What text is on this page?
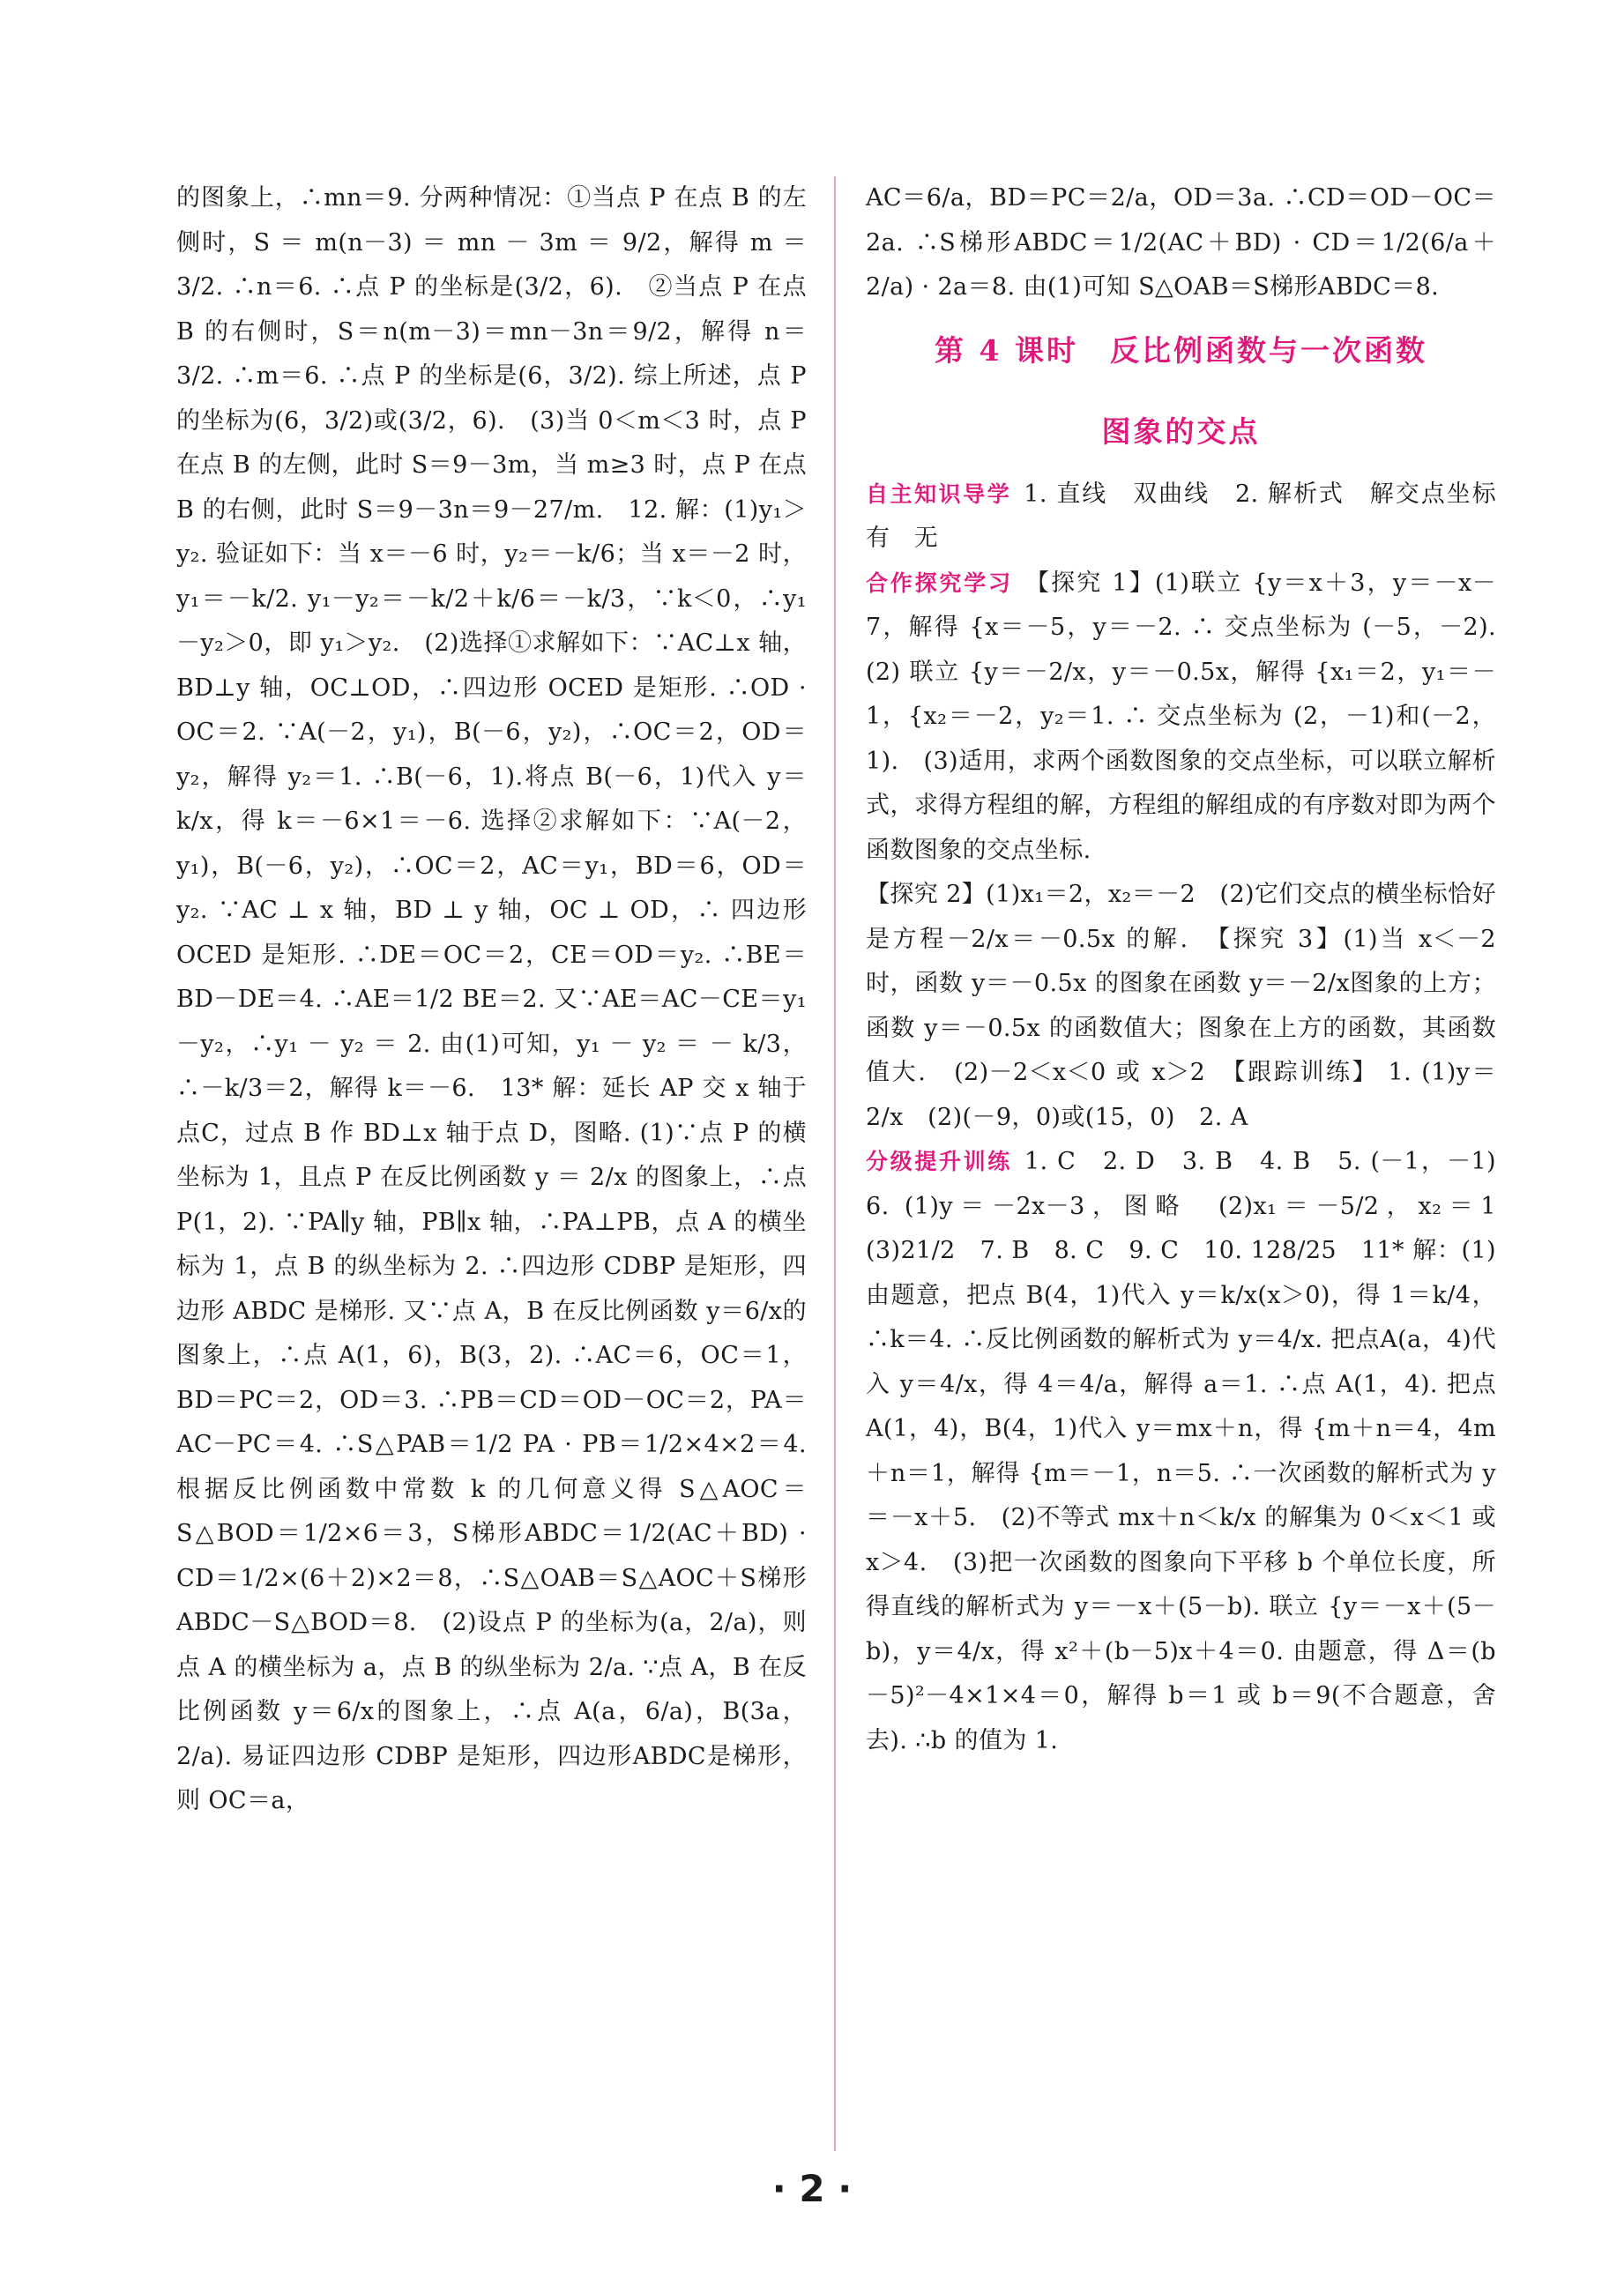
的图象上，∴mn＝9. 分两种情况：①当点 P 在点 B 的左侧时，S ＝ m(n－3) ＝ mn － 3m ＝ 9/2，解得 m ＝ 3/2. ∴n＝6. ∴点 P 的坐标是(3/2，6).　②当点 P 在点 B 的右侧时，S＝n(m－3)＝mn－3n＝9/2，解得 n＝3/2. ∴m＝6. ∴点 P 的坐标是(6，3/2). 综上所述，点 P 的坐标为(6，3/2)或(3/2，6).　(3)当 0＜m＜3 时，点 P 在点 B 的左侧，此时 S＝9－3m，当 m≥3 时，点 P 在点 B 的右侧，此时 S＝9－3n＝9－27/m.　12. 解：(1)y₁＞y₂. 验证如下：当 x＝－6 时，y₂＝－k/6；当 x＝－2 时，y₁＝－k/2. y₁－y₂＝－k/2＋k/6＝－k/3，∵k＜0，∴y₁－y₂＞0，即 y₁＞y₂.　(2)选择①求解如下：∵AC⊥x 轴，BD⊥y 轴，OC⊥OD，∴四边形 OCED 是矩形. ∴OD · OC＝2. ∵A(－2，y₁)，B(－6，y₂)，∴OC＝2，OD＝y₂，解得 y₂＝1. ∴B(－6，1).将点 B(－6，1)代入 y＝k/x，得 k＝－6×1＝－6. 选择②求解如下：∵A(－2，y₁)，B(－6，y₂)，∴OC＝2，AC＝y₁，BD＝6，OD＝y₂. ∵AC ⊥ x 轴，BD ⊥ y 轴，OC ⊥ OD，∴ 四边形 OCED 是矩形. ∴DE＝OC＝2，CE＝OD＝y₂. ∴BE＝BD－DE＝4. ∴AE＝1/2 BE＝2. 又∵AE＝AC－CE＝y₁－y₂，∴y₁ － y₂ ＝ 2. 由(1)可知，y₁ － y₂ ＝ － k/3，∴－k/3＝2，解得 k＝－6.　13* 解：延长 AP 交 x 轴于点C，过点 B 作 BD⊥x 轴于点 D，图略. (1)∵点 P 的横坐标为 1，且点 P 在反比例函数 y ＝ 2/x 的图象上，∴点 P(1，2). ∵PA∥y 轴，PB∥x 轴，∴PA⊥PB，点 A 的横坐标为 1，点 B 的纵坐标为 2. ∴四边形 CDBP 是矩形，四边形 ABDC 是梯形. 又∵点 A，B 在反比例函数 y＝6/x的图象上，∴点 A(1，6)，B(3，2). ∴AC＝6，OC＝1，BD＝PC＝2，OD＝3. ∴PB＝CD＝OD－OC＝2，PA＝AC－PC＝4. ∴S△PAB＝1/2 PA · PB＝1/2×4×2＝4. 根据反比例函数中常数 k 的几何意义得 S△AOC＝S△BOD＝1/2×6＝3，S梯形ABDC＝1/2(AC＋BD) · CD＝1/2×(6＋2)×2＝8，∴S△OAB＝S△AOC＋S梯形ABDC－S△BOD＝8.　(2)设点 P 的坐标为(a，2/a)，则点 A 的横坐标为 a，点 B 的纵坐标为 2/a. ∵点 A，B 在反比例函数 y＝6/x的图象上，∴点 A(a，6/a)，B(3a，2/a). 易证四边形 CDBP 是矩形，四边形ABDC是梯形，则 OC＝a，

AC＝6/a，BD＝PC＝2/a，OD＝3a. ∴CD＝OD－OC＝2a. ∴S梯形ABDC＝1/2(AC＋BD) · CD＝1/2(6/a＋2/a) · 2a＝8. 由(1)可知 S△OAB＝S梯形ABDC＝8.

第 4 课时　反比例函数与一次函数
图象的交点

自主知识导学 1. 直线　双曲线　2. 解析式　解交点坐标　有　无

合作探究学习 【探究 1】(1)联立 {y＝x＋3，y＝－x－7，解得 {x＝－5，y＝－2. ∴ 交点坐标为 (－5，－2).　(2) 联立 {y＝－2/x，y＝－0.5x，解得 {x₁＝2，y₁＝－1，{x₂＝－2，y₂＝1. ∴ 交点坐标为 (2，－1)和(－2，1).　(3)适用，求两个函数图象的交点坐标，可以联立解析式，求得方程组的解，方程组的解组成的有序数对即为两个函数图象的交点坐标.

【探究 2】(1)x₁＝2，x₂＝－2　(2)它们交点的横坐标恰好是方程－2/x＝－0.5x 的解.　【探究 3】(1)当 x＜－2 时，函数 y＝－0.5x 的图象在函数 y＝－2/x图象的上方；函数 y＝－0.5x 的函数值大；图象在上方的函数，其函数值大.　(2)－2＜x＜0 或 x＞2　【跟踪训练】 1. (1)y＝2/x　(2)(－9，0)或(15，0)　2. A

分级提升训练 1. C　2. D　3. B　4. B　5. (－1，－1)　6. (1)y＝－2x－3，图略　(2)x₁＝－5/2，x₂＝1　(3)21/2　7. B　8. C　9. C　10. 128/25　11* 解：(1)由题意，把点 B(4，1)代入 y＝k/x(x＞0)，得 1＝k/4，∴k＝4. ∴反比例函数的解析式为 y＝4/x. 把点A(a，4)代入 y＝4/x，得 4＝4/a，解得 a＝1. ∴点 A(1，4). 把点A(1，4)，B(4，1)代入 y＝mx＋n，得 {m＋n＝4，4m＋n＝1，解得 {m＝－1，n＝5. ∴一次函数的解析式为 y＝－x＋5.　(2)不等式 mx＋n＜k/x 的解集为 0＜x＜1 或 x＞4.　(3)把一次函数的图象向下平移 b 个单位长度，所得直线的解析式为 y＝－x＋(5－b). 联立 {y＝－x＋(5－b)，y＝4/x，得 x²＋(b－5)x＋4＝0. 由题意，得 Δ＝(b－5)²－4×1×4＝0，解得 b＝1 或 b＝9(不合题意，舍去). ∴b 的值为 1.

· 2 ·
